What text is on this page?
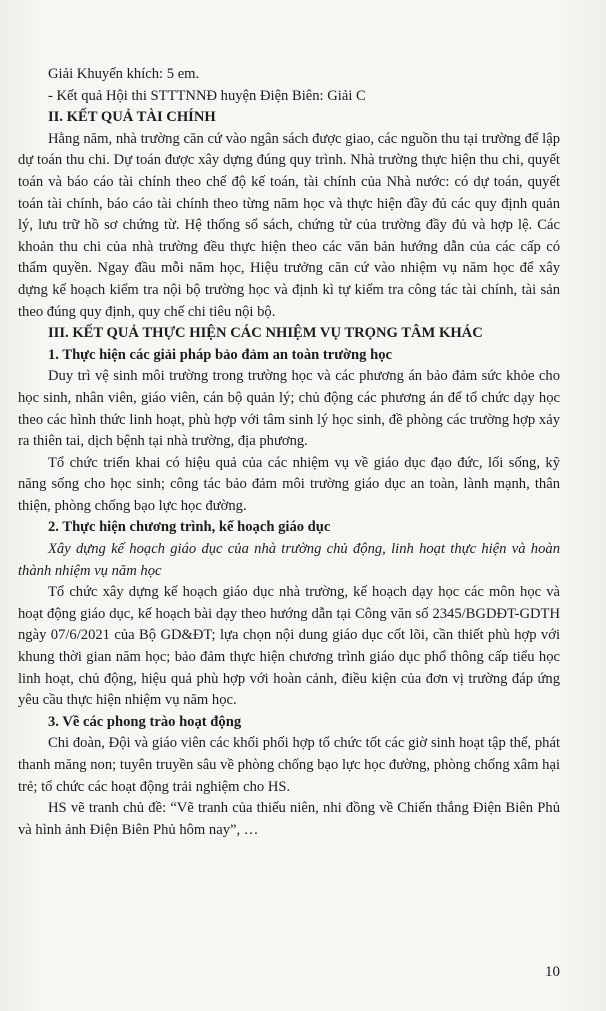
Giải Khuyến khích: 5 em.

- Kết quả Hội thi STTTNNĐ huyện Điện Biên: Giải C

II. KẾT QUẢ TÀI CHÍNH

Hằng năm, nhà trường căn cứ vào ngân sách được giao, các nguồn thu tại trường để lập dự toán thu chi. Dự toán được xây dựng đúng quy trình. Nhà trường thực hiện thu chi, quyết toán và báo cáo tài chính theo chế độ kế toán, tài chính của Nhà nước: có dự toán, quyết toán tài chính, báo cáo tài chính theo từng năm học và thực hiện đầy đủ các quy định quản lý, lưu trữ hồ sơ chứng từ. Hệ thống sổ sách, chứng từ của trường đầy đủ và hợp lệ. Các khoản thu chi của nhà trường đều thực hiện theo các văn bản hướng dẫn của các cấp có thẩm quyền. Ngay đầu mỗi năm học, Hiệu trưởng căn cứ vào nhiệm vụ năm học để xây dựng kế hoạch kiểm tra nội bộ trường học và định kì tự kiểm tra công tác tài chính, tài sản theo đúng quy định, quy chế chi tiêu nội bộ.

III. KẾT QUẢ THỰC HIỆN CÁC NHIỆM VỤ TRỌNG TÂM KHÁC

1. Thực hiện các giải pháp bảo đảm an toàn trường học

Duy trì vệ sinh môi trường trong trường học và các phương án bảo đảm sức khỏe cho học sinh, nhân viên, giáo viên, cán bộ quản lý; chủ động các phương án để tổ chức dạy học theo các hình thức linh hoạt, phù hợp với tâm sinh lý học sinh, đề phòng các trường hợp xảy ra thiên tai, dịch bệnh tại nhà trường, địa phương.

Tổ chức triển khai có hiệu quả của các nhiệm vụ về giáo dục đạo đức, lối sống, kỹ năng sống cho học sinh; công tác bảo đảm môi trường giáo dục an toàn, lành mạnh, thân thiện, phòng chống bạo lực học đường.

2. Thực hiện chương trình, kế hoạch giáo dục

Xây dựng kế hoạch giáo dục của nhà trường chủ động, linh hoạt thực hiện và hoàn thành nhiệm vụ năm học

Tổ chức xây dựng kế hoạch giáo dục nhà trường, kế hoạch dạy học các môn học và hoạt động giáo dục, kế hoạch bài dạy theo hướng dẫn tại Công văn số 2345/BGDĐT-GDTH ngày 07/6/2021 của Bộ GD&ĐT; lựa chọn nội dung giáo dục cốt lõi, cần thiết phù hợp với khung thời gian năm học; bảo đảm thực hiện chương trình giáo dục phổ thông cấp tiểu học linh hoạt, chủ động, hiệu quả phù hợp với hoàn cảnh, điều kiện của đơn vị trường đáp ứng yêu cầu thực hiện nhiệm vụ năm học.

3. Về các phong trào hoạt động

Chi đoàn, Đội và giáo viên các khối phối hợp tổ chức tốt các giờ sinh hoạt tập thể, phát thanh măng non; tuyên truyền sâu về phòng chống bạo lực học đường, phòng chống xâm hại trẻ; tổ chức các hoạt động trải nghiệm cho HS.

HS vẽ tranh chủ đề: “Vẽ tranh của thiếu niên, nhi đồng về Chiến thắng Điện Biên Phủ và hình ảnh Điện Biên Phủ hôm nay”, …

10
